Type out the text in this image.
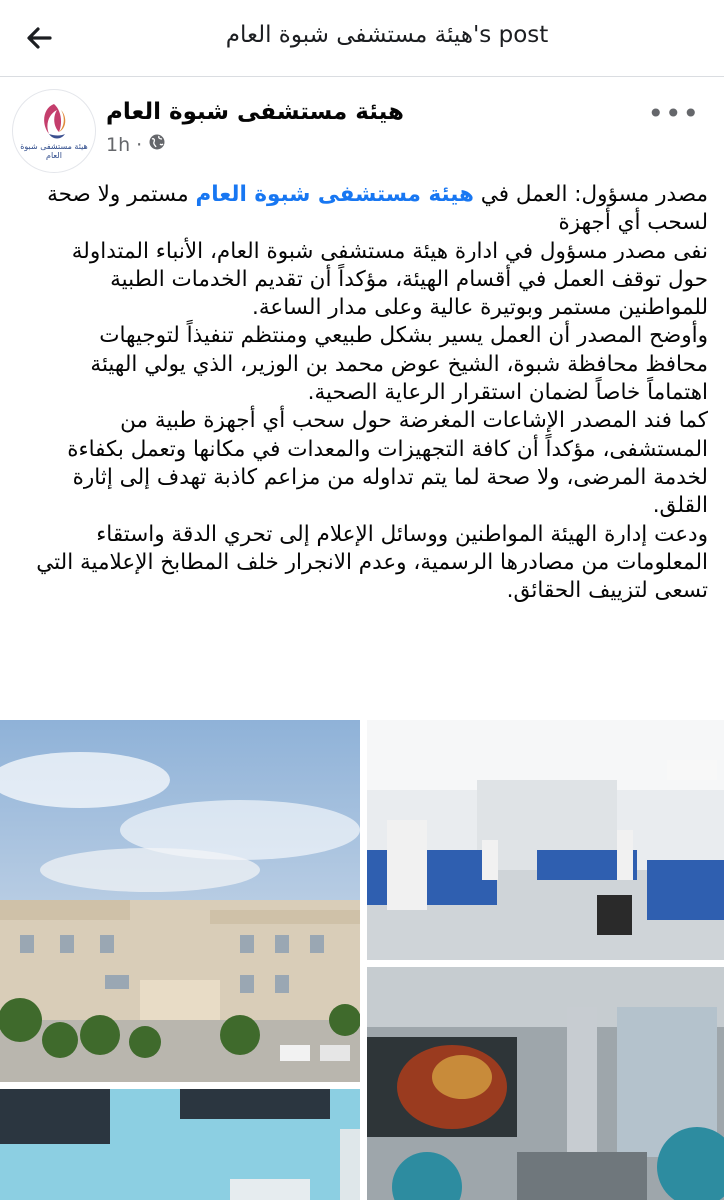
هيئة مستشفى شبوة العام's post
هيئة مستشفى شبوة العام
هيئة مستشفى شبوة العام
1h ·
•••

مصدر مسؤول: العمل في هيئة مستشفى شبوة العام مستمر ولا صحة لسحب أي أجهزة

نفى مصدر مسؤول في ادارة هيئة مستشفى شبوة العام، الأنباء المتداولة حول توقف العمل في أقسام الهيئة، مؤكداً أن تقديم الخدمات الطبية للمواطنين مستمر وبوتيرة عالية وعلى مدار الساعة.

وأوضح المصدر أن العمل يسير بشكل طبيعي ومنتظم تنفيذاً لتوجيهات محافظ محافظة شبوة، الشيخ عوض محمد بن الوزير، الذي يولي الهيئة اهتماماً خاصاً لضمان استقرار الرعاية الصحية.

كما فند المصدر الإشاعات المغرضة حول سحب أي أجهزة طبية من المستشفى، مؤكداً أن كافة التجهيزات والمعدات في مكانها وتعمل بكفاءة لخدمة المرضى، ولا صحة لما يتم تداوله من مزاعم كاذبة تهدف إلى إثارة القلق.

ودعت إدارة الهيئة المواطنين ووسائل الإعلام إلى تحري الدقة واستقاء المعلومات من مصادرها الرسمية، وعدم الانجرار خلف المطابخ الإعلامية التي تسعى لتزييف الحقائق.
